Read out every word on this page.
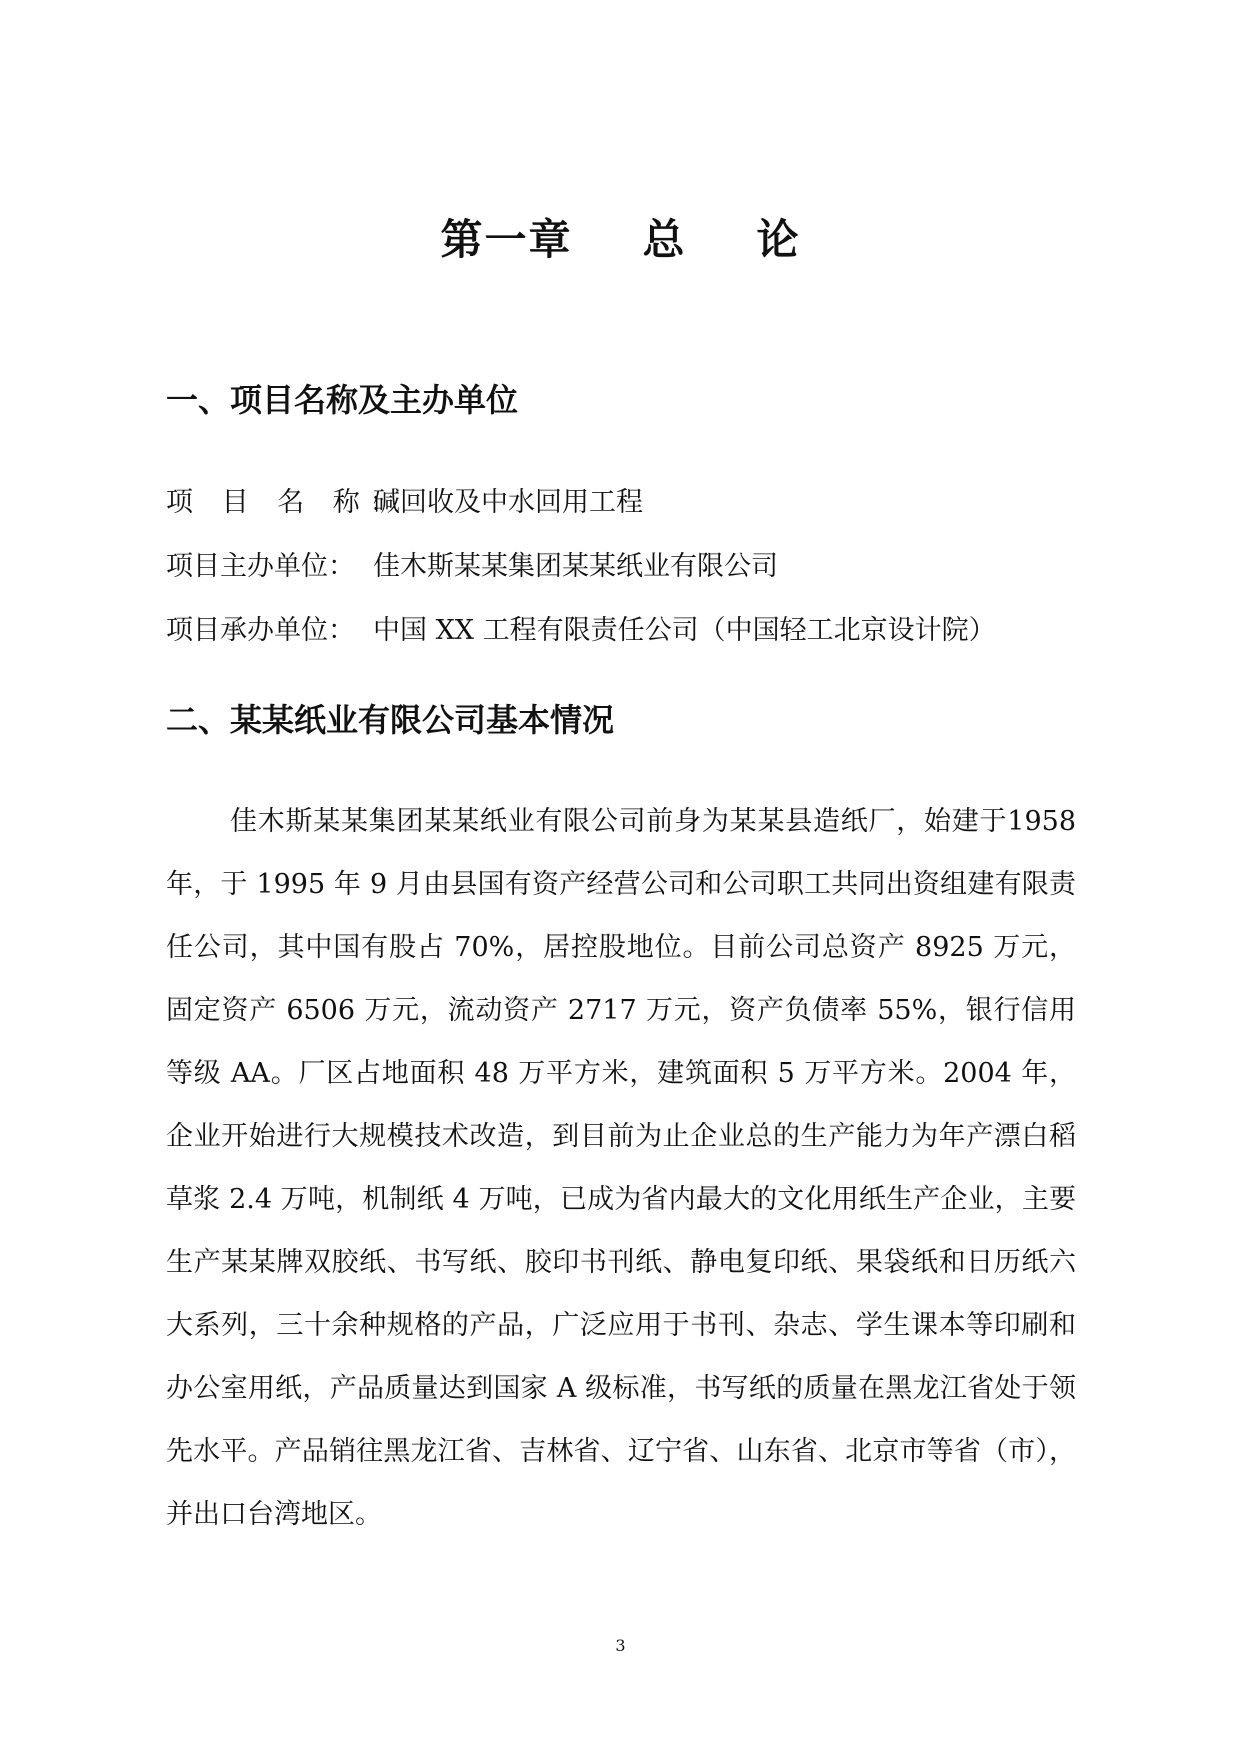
第一章 总 论
一、项目名称及主办单位
项 目 名 称：碱回收及中水回用工程
项目主办单位： 佳木斯某某集团某某纸业有限公司
项目承办单位： 中国 XX 工程有限责任公司（中国轻工北京设计院）
二、某某纸业有限公司基本情况

佳木斯某某集团某某纸业有限公司前身为某某县造纸厂，始建于1958 年，于 1995 年 9 月由县国有资产经营公司和公司职工共同出资组建有限责任公司，其中国有股占 70%，居控股地位。目前公司总资产 8925 万元，固定资产 6506 万元，流动资产 2717 万元，资产负债率 55%，银行信用等级 AA。厂区占地面积 48 万平方米，建筑面积 5 万平方米。2004 年，企业开始进行大规模技术改造，到目前为止企业总的生产能力为年产漂白稻草浆 2.4 万吨，机制纸 4 万吨，已成为省内最大的文化用纸生产企业，主要生产某某牌双胶纸、书写纸、胶印书刊纸、静电复印纸、果袋纸和日历纸六大系列，三十余种规格的产品，广泛应用于书刊、杂志、学生课本等印刷和办公室用纸，产品质量达到国家 A 级标准，书写纸的质量在黑龙江省处于领先水平。产品销往黑龙江省、吉林省、辽宁省、山东省、北京市等省（市），并出口台湾地区。

3
